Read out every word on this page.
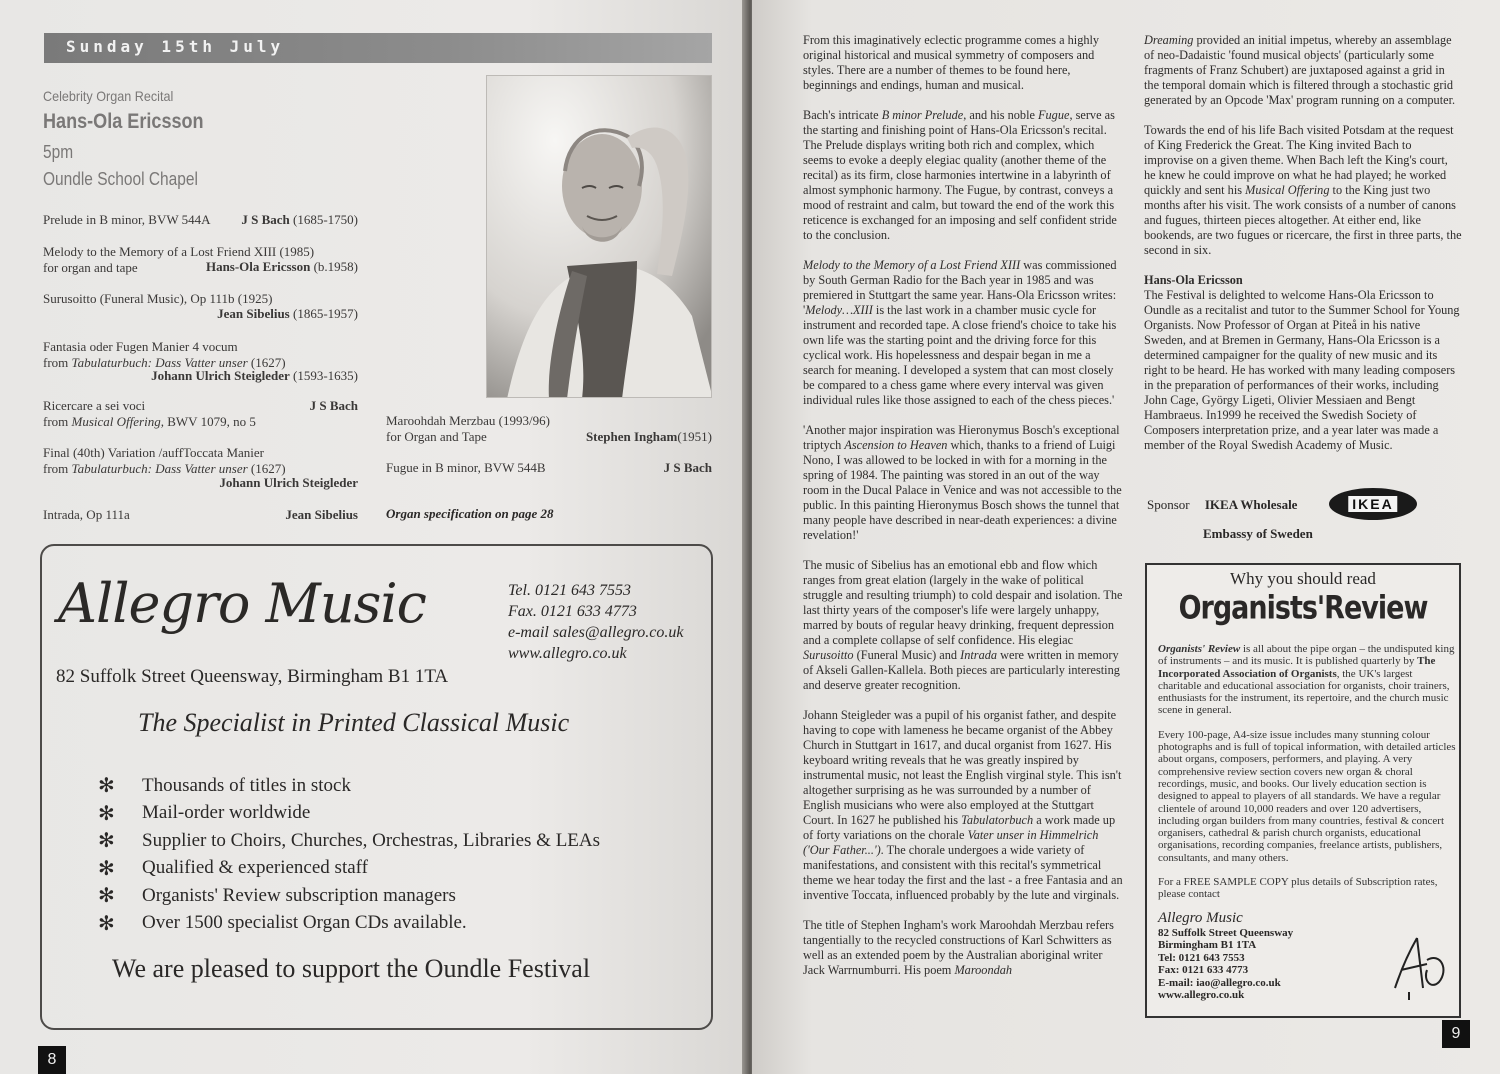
Sunday 15th July
Celebrity Organ Recital
Hans-Ola Ericsson
5pm
Oundle School Chapel
Prelude in B minor, BVW 544A J S Bach (1685-1750)
Melody to the Memory of a Lost Friend XIII (1985)
for organ and tape	Hans-Ola Ericsson (b.1958)
Surusoitto (Funeral Music), Op 111b (1925)
Jean Sibelius (1865-1957)
Fantasia oder Fugen Manier 4 vocum
from Tabulaturbuch: Dass Vatter unser (1627)
Johann Ulrich Steigleder (1593-1635)
Ricercare a sei voci
from Musical Offering, BWV 1079, no 5
J S Bach
Final (40th) Variation /auffToccata Manier
from Tabulaturbuch: Dass Vatter unser (1627)
Johann Ulrich Steigleder
Intrada, Op 111a	Jean Sibelius
Maroohdah Merzbau (1993/96)
for Organ and Tape	Stephen Ingham(1951)
Fugue in B minor, BVW 544B	J S Bach
Organ specification on page 28
Allegro Music	Tel. 0121 643 7553
Fax. 0121 633 4773
e-mail sales@allegro.co.uk
www.allegro.co.uk
82 Suffolk Street Queensway, Birmingham B1 1TA
The Specialist in Printed Classical Music
✻	Thousands of titles in stock
✻	Mail-order worldwide
✻	Supplier to Choirs, Churches, Orchestras, Libraries & LEAs
✻	Qualified & experienced staff
✻	Organists' Review subscription managers
✻	Over 1500 specialist Organ CDs available.
We are pleased to support the Oundle Festival
8

From this imaginatively eclectic programme comes a highly original historical and musical symmetry of composers and styles. There are a number of themes to be found here, beginnings and endings, human and musical.

Bach's intricate B minor Prelude, and his noble Fugue, serve as the starting and finishing point of Hans-Ola Ericsson's recital. The Prelude displays writing both rich and complex, which seems to evoke a deeply elegiac quality (another theme of the recital) as its firm, close harmonies intertwine in a labyrinth of almost symphonic harmony. The Fugue, by contrast, conveys a mood of restraint and calm, but toward the end of the work this reticence is exchanged for an imposing and self confident stride to the conclusion.

Melody to the Memory of a Lost Friend XIII was commissioned by South German Radio for the Bach year in 1985 and was premiered in Stuttgart the same year. Hans-Ola Ericsson writes: 'Melody…XIII is the last work in a chamber music cycle for instrument and recorded tape. A close friend's choice to take his own life was the starting point and the driving force for this cyclical work. His hopelessness and despair began in me a search for meaning. I developed a system that can most closely be compared to a chess game where every interval was given individual rules like those assigned to each of the chess pieces.'

'Another major inspiration was Hieronymus Bosch's exceptional triptych Ascension to Heaven which, thanks to a friend of Luigi Nono, I was allowed to be locked in with for a morning in the spring of 1984. The painting was stored in an out of the way room in the Ducal Palace in Venice and was not accessible to the public. In this painting Hieronymus Bosch shows the tunnel that many people have described in near-death experiences: a divine revelation!'

The music of Sibelius has an emotional ebb and flow which ranges from great elation (largely in the wake of political struggle and resulting triumph) to cold despair and isolation. The last thirty years of the composer's life were largely unhappy, marred by bouts of regular heavy drinking, frequent depression and a complete collapse of self confidence. His elegiac Surusoitto (Funeral Music) and Intrada were written in memory of Akseli Gallen-Kallela. Both pieces are particularly interesting and deserve greater recognition.

Johann Steigleder was a pupil of his organist father, and despite having to cope with lameness he became organist of the Abbey Church in Stuttgart in 1617, and ducal organist from 1627. His keyboard writing reveals that he was greatly inspired by instrumental music, not least the English virginal style. This isn't altogether surprising as he was surrounded by a number of English musicians who were also employed at the Stuttgart Court. In 1627 he published his Tabulatorbuch a work made up of forty variations on the chorale Vater unser in Himmelrich ('Our Father...'). The chorale undergoes a wide variety of manifestations, and consistent with this recital's symmetrical theme we hear today the first and the last - a free Fantasia and an inventive Toccata, influenced probably by the lute and virginals.

The title of Stephen Ingham's work Maroohdah Merzbau refers tangentially to the recycled constructions of Karl Schwitters as well as an extended poem by the Australian aboriginal writer Jack Warrnumburri. His poem Maroondah

Dreaming provided an initial impetus, whereby an assemblage of neo-Dadaistic 'found musical objects' (particularly some fragments of Franz Schubert) are juxtaposed against a grid in the temporal domain which is filtered through a stochastic grid generated by an Opcode 'Max' program running on a computer.

Towards the end of his life Bach visited Potsdam at the request of King Frederick the Great. The King invited Bach to improvise on a given theme. When Bach left the King's court, he knew he could improve on what he had played; he worked quickly and sent his Musical Offering to the King just two months after his visit. The work consists of a number of canons and fugues, thirteen pieces altogether. At either end, like bookends, are two fugues or ricercare, the first in three parts, the second in six.

Hans-Ola Ericsson

The Festival is delighted to welcome Hans-Ola Ericsson to Oundle as a recitalist and tutor to the Summer School for Young Organists. Now Professor of Organ at Piteå in his native Sweden, and at Bremen in Germany, Hans-Ola Ericsson is a determined campaigner for the quality of new music and its right to be heard. He has worked with many leading composers in the preparation of performances of their works, including John Cage, György Ligeti, Olivier Messiaen and Bengt Hambraeus. In1999 he received the Swedish Society of Composers interpretation prize, and a year later was made a member of the Royal Swedish Academy of Music.

Why you should read
Organists'Review

Organists' Review is all about the pipe organ – the undisputed king of instruments – and its music. It is published quarterly by The Incorporated Association of Organists, the UK's largest charitable and educational association for organists, choir trainers, enthusiasts for the instrument, its repertoire, and the church music scene in general.

Every 100-page, A4-size issue includes many stunning colour photographs and is full of topical information, with detailed articles about organs, composers, performers, and playing. A very comprehensive review section covers new organ & choral recordings, music, and books. Our lively education section is designed to appeal to players of all standards. We have a regular clientele of around 10,000 readers and over 120 advertisers, including organ builders from many countries, festival & concert organisers, cathedral & parish church organists, educational organisations, recording companies, freelance artists, publishers, consultants, and many others.

For a FREE SAMPLE COPY plus details of Subscription rates, please contact

Allegro Music
82 Suffolk Street Queensway
Birmingham B1 1TA
Tel: 0121 643 7553
Fax: 0121 633 4773
E-mail: iao@allegro.co.uk
www.allegro.co.uk
9
Sponsor IKEA Wholesale	IKEA
Embassy of Sweden
